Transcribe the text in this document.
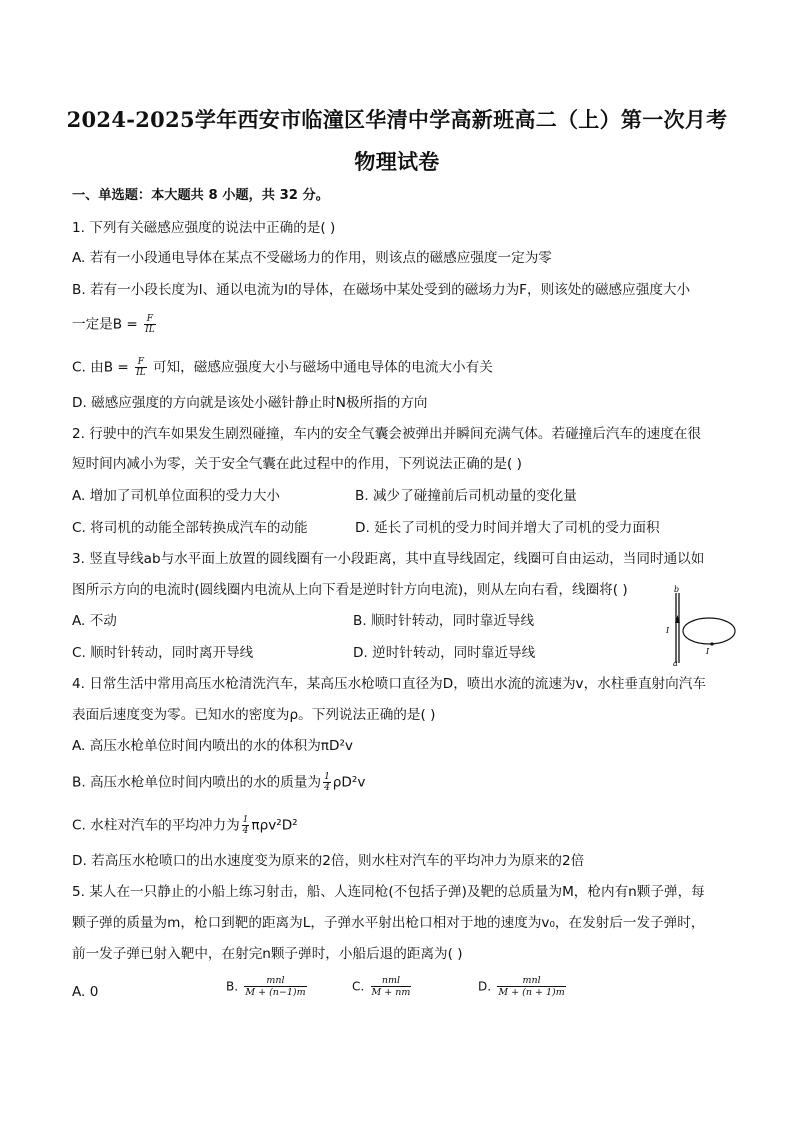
2024-2025学年西安市临潼区华清中学高新班高二（上）第一次月考
物理试卷
一、单选题：本大题共 8 小题，共 32 分。
1. 下列有关磁感应强度的说法中正确的是( )
A. 若有一小段通电导体在某点不受磁场力的作用，则该点的磁感应强度一定为零
B. 若有一小段长度为l、通以电流为I的导体，在磁场中某处受到的磁场力为F，则该处的磁感应强度大小
一定是$B = \frac{F}{IL}$
C. 由$B = \frac{F}{IL}$ 可知，磁感应强度大小与磁场中通电导体的电流大小有关
D. 磁感应强度的方向就是该处小磁针静止时N极所指的方向
2. 行驶中的汽车如果发生剧烈碰撞，车内的安全气囊会被弹出并瞬间充满气体。若碰撞后汽车的速度在很
短时间内减小为零，关于安全气囊在此过程中的作用，下列说法正确的是( )
A. 增加了司机单位面积的受力大小	B. 减少了碰撞前后司机动量的变化量
C. 将司机的动能全部转换成汽车的动能	D. 延长了司机的受力时间并增大了司机的受力面积
3. 竖直导线ab与水平面上放置的圆线圈有一小段距离，其中直导线固定，线圈可自由运动，当同时通以如
图所示方向的电流时(圆线圈内电流从上向下看是逆时针方向电流)，则从左向右看，线圈将( )
A. 不动	B. 顺时针转动，同时靠近导线
C. 顺时针转动，同时离开导线	D. 逆时针转动，同时靠近导线
b
a
I
I
4. 日常生活中常用高压水枪清洗汽车，某高压水枪喷口直径为D，喷出水流的流速为v，水柱垂直射向汽车
表面后速度变为零。已知水的密度为ρ。下列说法正确的是( )
A. 高压水枪单位时间内喷出的水的体积为πD²v
B. 高压水枪单位时间内喷出的水的质量为 $\frac{1}{4} \rho D^2v$
C. 水柱对汽车的平均冲力为 $\frac{1}{4} \pi\rho v^2D^2$
D. 若高压水枪喷口的出水速度变为原来的2倍，则水柱对汽车的平均冲力为原来的2倍
5. 某人在一只静止的小船上练习射击，船、人连同枪(不包括子弹)及靶的总质量为M，枪内有n颗子弹，每
颗子弹的质量为m，枪口到靶的距离为L，子弹水平射出枪口相对于地的速度为v₀，在发射后一发子弹时，
前一发子弹已射入靶中，在射完n颗子弹时，小船后退的距离为( )
A. 0	B. $\frac{\text{mnl}}{M + (n-1)m}$	C. $\frac{\text{nml}}{M + nm}$	D. $\frac{\text{mnl}}{M + (n + 1)m}$
